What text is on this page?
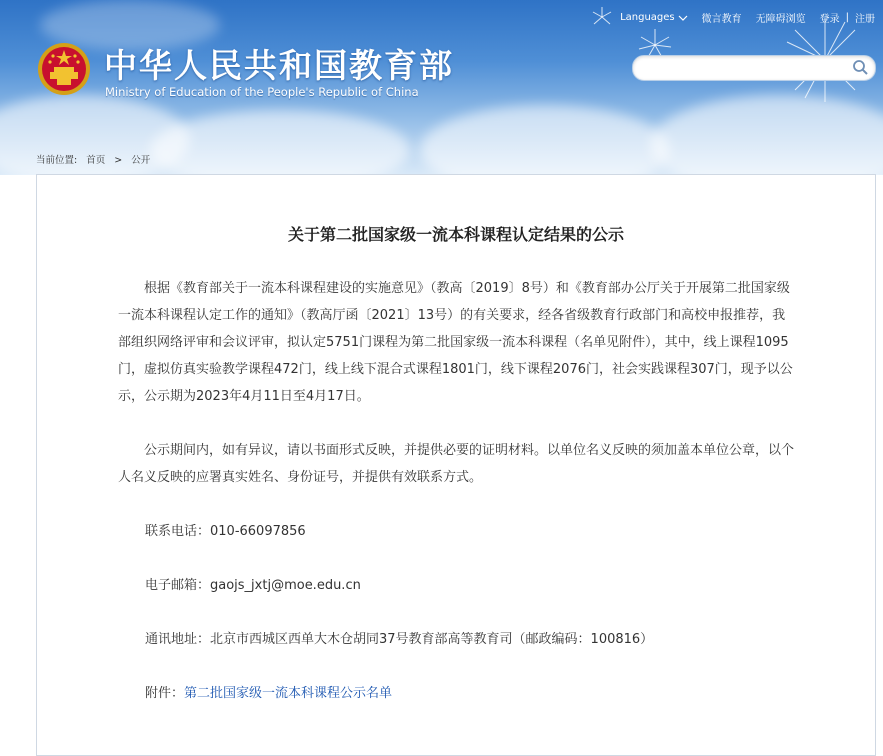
Languages	微言教育 无障碍浏览 登录 | 注册
中华人民共和国教育部
Ministry of Education of the People's Republic of China
当前位置: 首页 > 公开
关于第二批国家级一流本科课程认定结果的公示

根据《教育部关于一流本科课程建设的实施意见》（教高〔2019〕8号）和《教育部办公厅关于开展第二批国家级一流本科课程认定工作的通知》（教高厅函〔2021〕13号）的有关要求，经各省级教育行政部门和高校申报推荐，我部组织网络评审和会议评审，拟认定5751门课程为第二批国家级一流本科课程（名单见附件），其中，线上课程1095门，虚拟仿真实验教学课程472门，线上线下混合式课程1801门，线下课程2076门，社会实践课程307门，现予以公示，公示期为2023年4月11日至4月17日。

公示期间内，如有异议，请以书面形式反映，并提供必要的证明材料。以单位名义反映的须加盖本单位公章，以个人名义反映的应署真实姓名、身份证号，并提供有效联系方式。

联系电话：010-66097856
电子邮箱：gaojs_jxtj@moe.edu.cn
通讯地址：北京市西城区西单大木仓胡同37号教育部高等教育司（邮政编码：100816）
附件：第二批国家级一流本科课程公示名单
